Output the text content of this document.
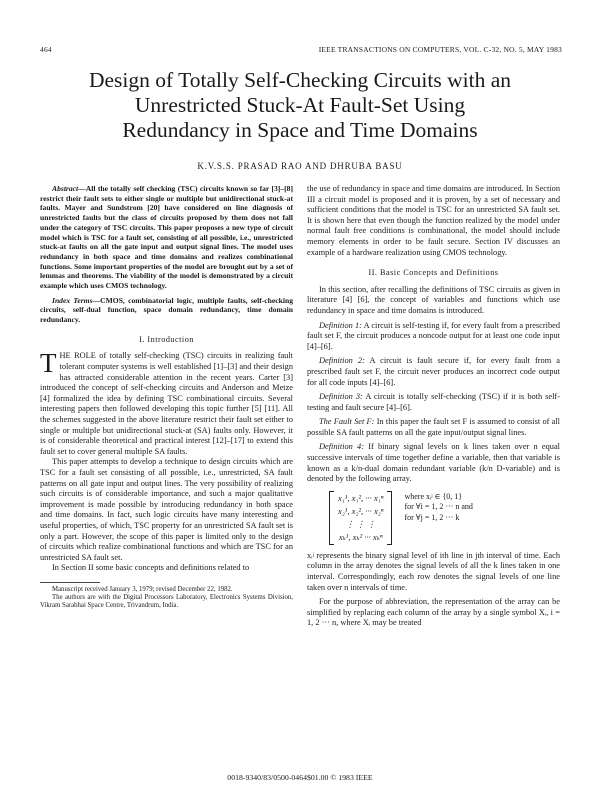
464	IEEE TRANSACTIONS ON COMPUTERS, VOL. C-32, NO. 5, MAY 1983
Design of Totally Self-Checking Circuits with an
Unrestricted Stuck-At Fault-Set Using
Redundancy in Space and Time Domains
K.V.S.S. PRASAD RAO AND DHRUBA BASU

Abstract—All the totally self checking (TSC) circuits known so far [3]–[8] restrict their fault sets to either single or multiple but unidirectional stuck-at faults. Mayer and Sundstrom [20] have considered on line diagnosis of unrestricted faults but the class of circuits proposed by them does not fall under the category of TSC circuits. This paper proposes a new type of circuit model which is TSC for a fault set, consisting of all possible, i.e., unrestricted stuck-at faults on all the gate input and output signal lines. The model uses redundancy in both space and time domains and realizes combinational functions. Some important properties of the model are brought out by a set of lemmas and theorems. The viability of the model is demonstrated by a circuit example which uses CMOS technology.

Index Terms—CMOS, combinatorial logic, multiple faults, self-checking circuits, self-dual function, space domain redundancy, time domain redundancy.

I. Introduction

THE ROLE of totally self-checking (TSC) circuits in realizing fault tolerant computer systems is well established [1]–[3] and their design has attracted considerable attention in the recent years. Carter [3] introduced the concept of self-checking circuits and Anderson and Metze [4] formalized the idea by defining TSC combinational circuits. Several interesting papers then followed developing this topic further [5] [11]. All the schemes suggested in the above literature restrict their fault set either to single or multiple but unidirectional stuck-at (SA) faults only. However, it is of considerable theoretical and practical interest [12]–[17] to extend this fault set to cover general multiple SA faults.

This paper attempts to develop a technique to design circuits which are TSC for a fault set consisting of all possible, i.e., unrestricted, SA fault patterns on all gate input and output lines. The very possibility of realizing such circuits is of considerable importance, and such a major qualitative improvement is made possible by introducing redundancy in both space and time domains. In fact, such logic circuits have many interesting and useful properties, of which, TSC property for an unrestricted SA fault set is only a part. However, the scope of this paper is limited only to the design of circuits which realize combinational functions and which are TSC for an unrestricted SA fault set.

In Section II some basic concepts and definitions related to

Manuscript received January 3, 1979; revised December 22, 1982.

The authors are with the Digital Processors Laboratory, Electronics Systems Division, Vikram Sarabhai Space Centre, Trivandrum, India.

the use of redundancy in space and time domains are introduced. In Section III a circuit model is proposed and it is proven, by a set of necessary and sufficient conditions that the model is TSC for an unrestricted SA fault set. It is shown here that even though the function realized by the model under normal fault free conditions is combinational, the model should include memory elements in order to be fault secure. Section IV discusses an example of a hardware realization using CMOS technology.

II. Basic Concepts and Definitions

In this section, after recalling the definitions of TSC circuits as given in literature [4] [6], the concept of variables and functions which use redundancy in space and time domains is introduced.

Definition 1: A circuit is self-testing if, for every fault from a prescribed fault set F, the circuit produces a noncode output for at least one code input [4]–[6].

Definition 2: A circuit is fault secure if, for every fault from a prescribed fault set F, the circuit never produces an incorrect code output for all code inputs [4]–[6].

Definition 3: A circuit is totally self-checking (TSC) if it is both self-testing and fault secure [4]–[6].

The Fault Set F: In this paper the fault set F is assumed to consist of all possible SA fault patterns on all the gate input/output signal lines.

Definition 4: If binary signal levels on k lines taken over n equal successive intervals of time together define a variable, then that variable is known as a k/n-dual domain redundant variable (k/n D-variable) and is denoted by the following array.

x₁¹, x₁², ··· x₁ⁿ
x₂¹, x₂², ··· x₂ⁿ
⋮ ⋮ ⋮
xₖ¹, xₖ² ··· xₖⁿ
where xᵢʲ ∈ {0, 1}
for ∀i = 1, 2 ··· n and
for ∀j = 1, 2 ··· k

xᵢʲ represents the binary signal level of ith line in jth interval of time. Each column in the array denotes the signal levels of all the k lines taken in one interval. Correspondingly, each row denotes the signal levels of one line taken over n intervals of time.

For the purpose of abbreviation, the representation of the array can be simplified by replacing each column of the array by a single symbol Xᵢ, i = 1, 2 ··· n, where Xᵢ may be treated

0018-9340/83/0500-0464$01.00 © 1983 IEEE
